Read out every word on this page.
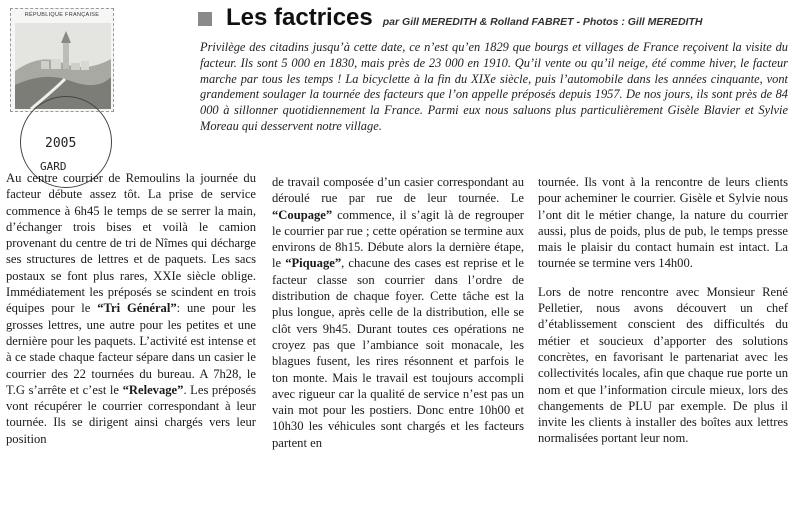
RÉPUBLIQUE FRANÇAISE
2005
GARD
Les factrices par Gill MEREDITH & Rolland FABRET - Photos : Gill MEREDITH

Privilège des citadins jusqu’à cette date, ce n’est qu’en 1829 que bourgs et villages de France reçoivent la visite du facteur. Ils sont 5 000 en 1830, mais près de 23 000 en 1910. Qu’il vente ou qu’il neige, été comme hiver, le facteur marche par tous les temps ! La bicyclette à la fin du XIXe siècle, puis l’automobile dans les années cinquante, vont grandement soulager la tournée des facteurs que l’on appelle préposés depuis 1957. De nos jours, ils sont près de 84 000 à sillonner quotidiennement la France. Parmi eux nous saluons plus particulièrement Gisèle Blavier et Sylvie Moreau qui desservent notre village.

Au centre courrier de Remoulins la journée du facteur débute assez tôt. La prise de service commence à 6h45 le temps de se serrer la main, d’échanger trois bises et voilà le camion provenant du centre de tri de Nîmes qui décharge ses structures de lettres et de paquets. Les sacs postaux se font plus rares, XXIe siècle oblige. Immédiatement les préposés se scindent en trois équipes pour le “Tri Général”: une pour les grosses lettres, une autre pour les petites et une dernière pour les paquets. L’activité est intense et à ce stade chaque facteur sépare dans un casier le courrier des 22 tournées du bureau. A 7h28, le T.G s’arrête et c’est le “Relevage”. Les préposés vont récupérer le courrier correspondant à leur tournée. Ils se dirigent ainsi chargés vers leur position

de travail composée d’un casier correspondant au déroulé rue par rue de leur tournée. Le “Coupage” commence, il s’agit là de regrouper le courrier par rue ; cette opération se termine aux environs de 8h15. Débute alors la dernière étape, le “Piquage”, chacune des cases est reprise et le facteur classe son courrier dans l’ordre de distribution de chaque foyer. Cette tâche est la plus longue, après celle de la distribution, elle se clôt vers 9h45. Durant toutes ces opérations ne croyez pas que l’ambiance soit monacale, les blagues fusent, les rires résonnent et parfois le ton monte. Mais le travail est toujours accompli avec rigueur car la qualité de service n’est pas un vain mot pour les postiers. Donc entre 10h00 et 10h30 les véhicules sont chargés et les facteurs partent en

tournée. Ils vont à la rencontre de leurs clients pour acheminer le courrier. Gisèle et Sylvie nous l’ont dit le métier change, la nature du courrier aussi, plus de poids, plus de pub, le temps presse mais le plaisir du contact humain est intact. La tournée se termine vers 14h00.

Lors de notre rencontre avec Monsieur René Pelletier, nous avons découvert un chef d’établissement conscient des difficultés du métier et soucieux d’apporter des solutions concrètes, en favorisant le partenariat avec les collectivités locales, afin que chaque rue porte un nom et que l’information circule mieux, lors des changements de PLU par exemple. De plus il invite les clients à installer des boîtes aux lettres normalisées portant leur nom.
